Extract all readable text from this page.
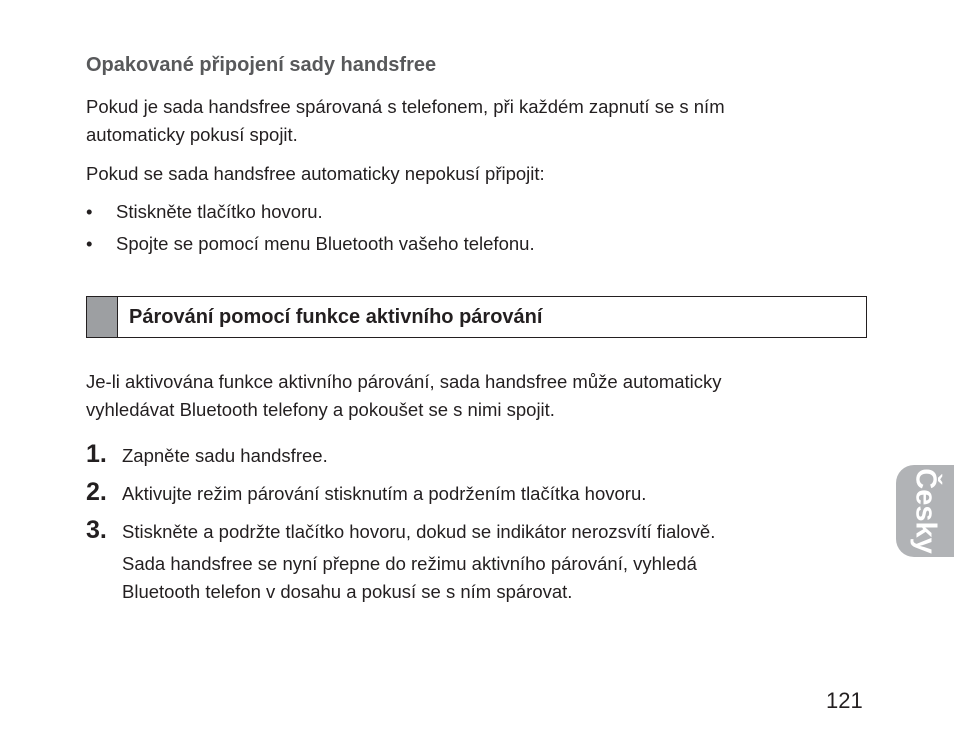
Opakované připojení sady handsfree
Pokud je sada handsfree spárovaná s telefonem, při každém zapnutí se s ním
automaticky pokusí spojit.
Pokud se sada handsfree automaticky nepokusí připojit:
• Stiskněte tlačítko hovoru.
• Spojte se pomocí menu Bluetooth vašeho telefonu.
Párování pomocí funkce aktivního párování
Je-li aktivována funkce aktivního párování, sada handsfree může automaticky
vyhledávat Bluetooth telefony a pokoušet se s nimi spojit.
1. Zapněte sadu handsfree.
2. Aktivujte režim párování stisknutím a podržením tlačítka hovoru.
3. Stiskněte a podržte tlačítko hovoru, dokud se indikátor nerozsvítí fialově.
Sada handsfree se nyní přepne do režimu aktivního párování, vyhledá
Bluetooth telefon v dosahu a pokusí se s ním spárovat.
Česky
121
